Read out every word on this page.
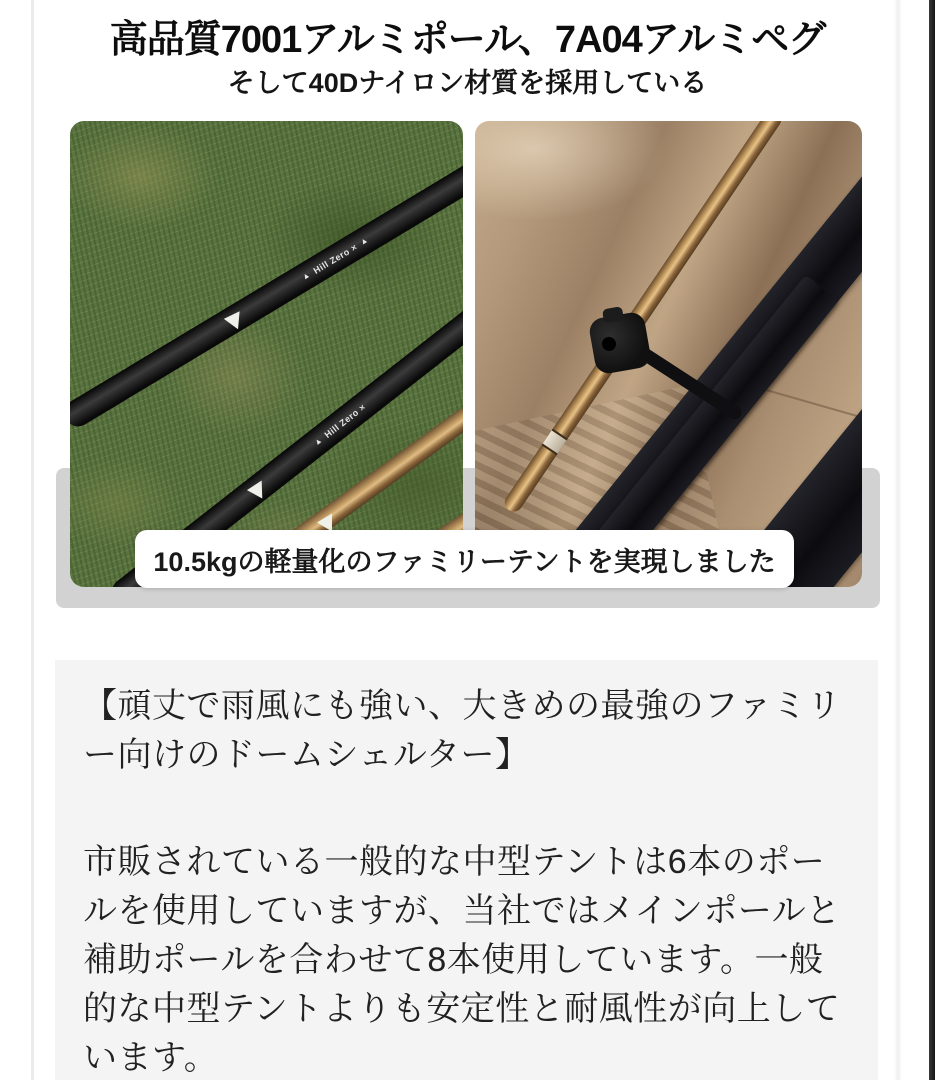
高品質7001アルミポール、7A04アルミペグ
そして40Dナイロン材質を採用している
▲
Hill Zero ×
▲
▲
Hill Zero ×
10.5kgの軽量化のファミリーテントを実現しました
【頑丈で雨風にも強い、大きめの最強のファミリ
ー向けのドームシェルター】
市販されている一般的な中型テントは6本のポー
ルを使用していますが、当社ではメインポールと
補助ポールを合わせて8本使用しています。一般
的な中型テントよりも安定性と耐風性が向上して
います。
